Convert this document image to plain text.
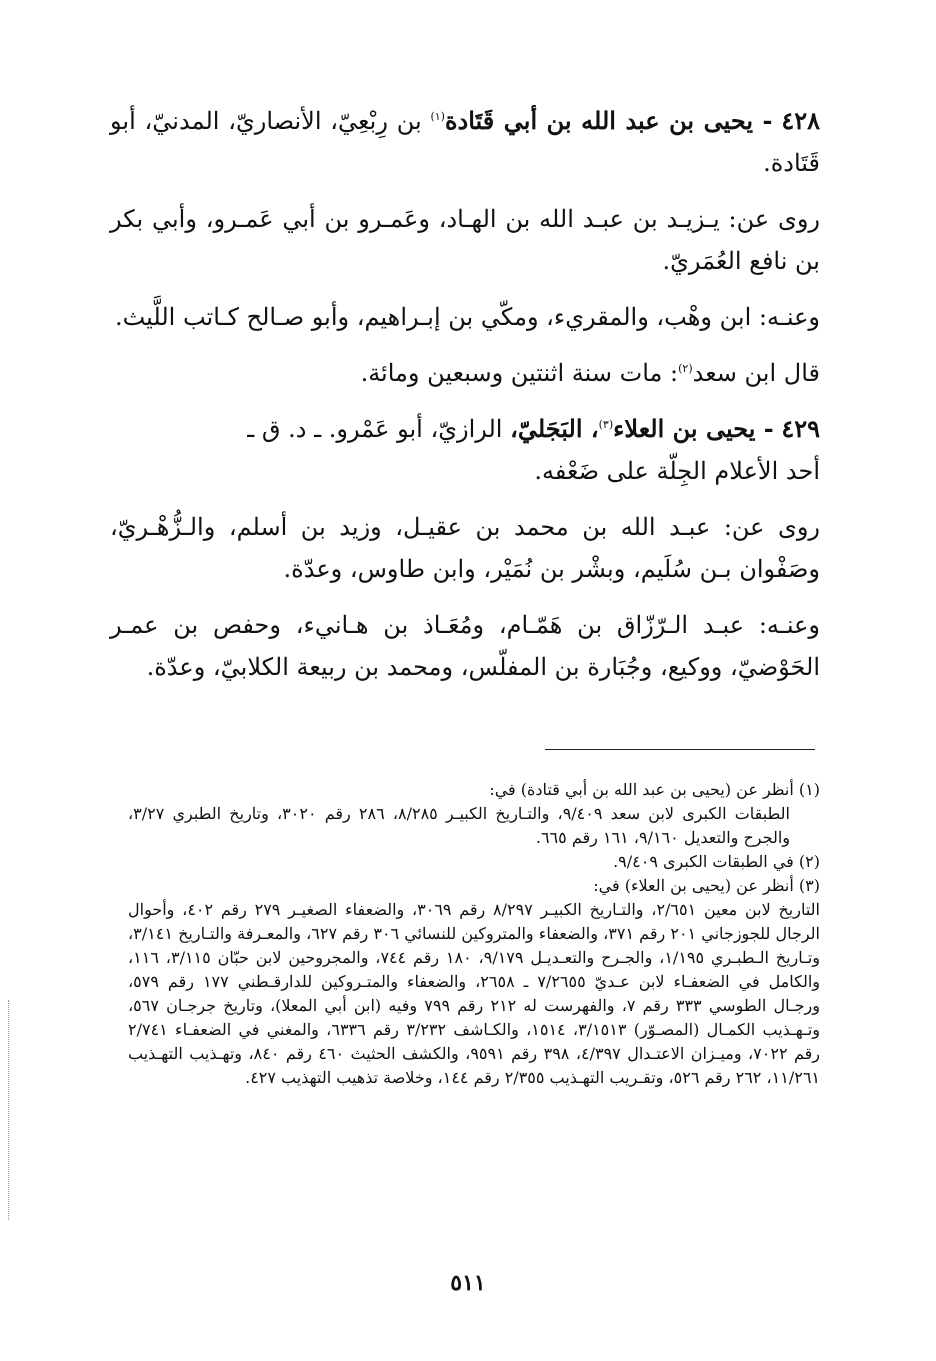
٤٢٨ - يحيى بن عبد الله بن أبي قَتَادة$^{(١)}$ بن رِبْعِيّ، الأنصاريّ، المدنيّ، أبو قَتَادة.

روى عن: يـزيـد بن عبـد الله بن الهـاد، وعَمـرو بن أبي عَمـرو، وأبي بكر بن نافع العُمَريّ.

وعنـه: ابن وهْب، والمقريء، ومكّي بن إبـراهيم، وأبو صـالح كـاتب اللَّيث.

قال ابن سعد$^{(٢)}$: مات سنة اثنتين وسبعين ومائة.

٤٢٩ - يحيى بن العلاء$^{(٣)}$، البَجَليّ، الرازيّ، أبو عَمْرو. ـ د. ق ـ
أحد الأعلام الجِلّة على ضَعْفه.

روى عن: عبـد الله بن محمد بن عقيـل، وزيد بن أسلم، والـزُّهْـريّ، وصَفْوان بـن سُلَيم، وبشْر بن نُمَيْر، وابن طاوس، وعدّة.

وعنـه: عبـد الـرّزّاق بن هَمّـام، ومُعَـاذ بن هـانيء، وحفص بن عمـر الحَوْضيّ، ووكيع، وجُبَارة بن المفلّس، ومحمد بن ربيعة الكلابيّ، وعدّة.

(١) أنظر عن (يحيى بن عبد الله بن أبي قتادة) في:

الطبقات الكبرى لابن سعد ٩/٤٠٩، والتـاريخ الكبيـر ٨/٢٨٥، ٢٨٦ رقم ٣٠٢٠، وتاريخ الطبري ٣/٢٧، والجرح والتعديل ٩/١٦٠، ١٦١ رقم ٦٦٥.

(٢) في الطبقات الكبرى ٩/٤٠٩.

(٣) أنظر عن (يحيى بن العلاء) في:

التاريخ لابن معين ٢/٦٥١، والتـاريخ الكبيـر ٨/٢٩٧ رقم ٣٠٦٩، والضعفاء الصغيـر ٢٧٩ رقم ٤٠٢، وأحوال الرجال للجوزجاني ٢٠١ رقم ٣٧١، والضعفاء والمتروكين للنسائي ٣٠٦ رقم ٦٢٧، والمعـرفة والتـاريخ ٣/١٤١، وتـاريخ الـطبـري ١/١٩٥، والجـرح والتعـديـل ٩/١٧٩، ١٨٠ رقم ٧٤٤، والمجروحين لابن حبّان ٣/١١٥، ١١٦، والكامل في الضعفـاء لابن عـديّ ٧/٢٦٥٥ ـ ٢٦٥٨، والضعفاء والمتـروكين للدارقـطني ١٧٧ رقم ٥٧٩، ورجـال الطوسي ٣٣٣ رقم ٧، والفهرست له ٢١٢ رقم ٧٩٩ وفيه (ابن أبي المعلا)، وتاريخ جرجـان ٥٦٧، وتـهـذيب الكمـال (المصـوّر) ٣/١٥١٣، ١٥١٤، والكـاشف ٣/٢٣٢ رقم ٦٣٣٦، والمغني في الضعفـاء ٢/٧٤١ رقم ٧٠٢٢، وميـزان الاعتـدال ٤/٣٩٧، ٣٩٨ رقم ٩٥٩١، والكشف الحثيث ٤٦٠ رقم ٨٤٠، وتهـذيب التهـذيب ١١/٢٦١، ٢٦٢ رقم ٥٢٦، وتقـريب التهـذيب ٢/٣٥٥ رقم ١٤٤، وخلاصة تذهيب التهذيب ٤٢٧.

٥١١
